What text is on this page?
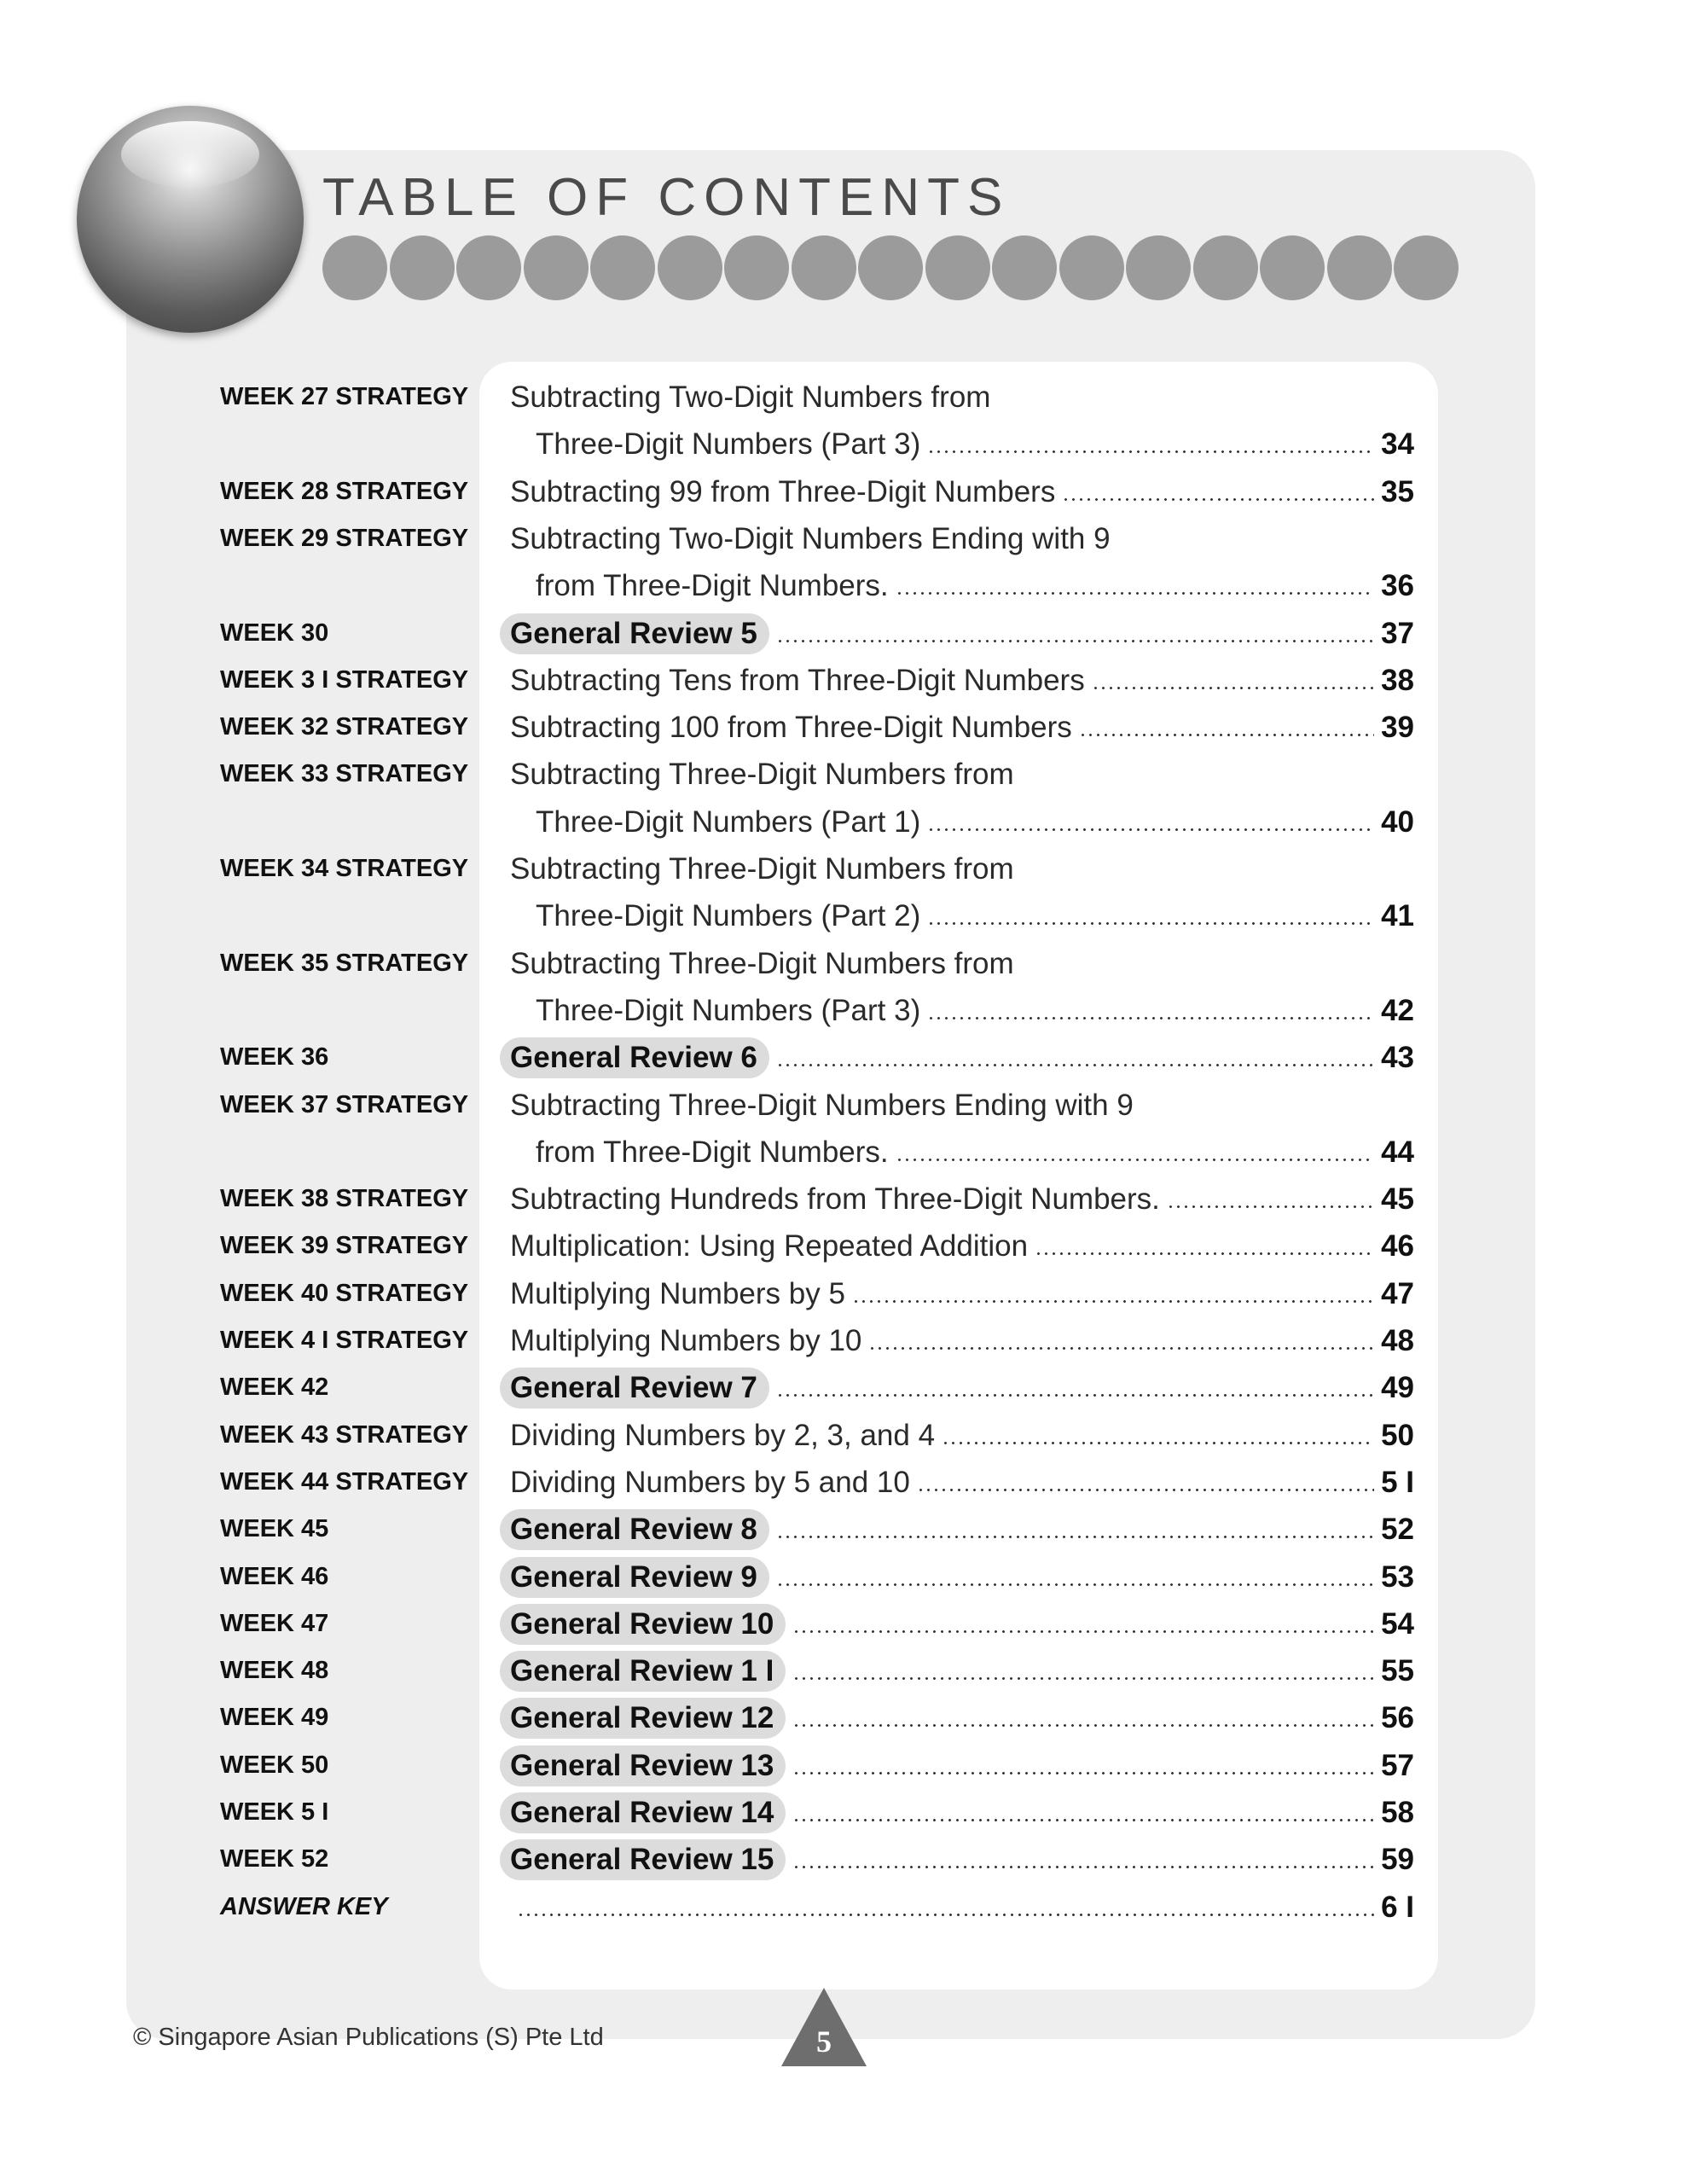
TABLE OF CONTENTS
WEEK 27 STRATEGY Subtracting Two-Digit Numbers from
Three-Digit Numbers (Part 3)	34
WEEK 28 STRATEGY Subtracting 99 from Three-Digit Numbers	35
WEEK 29 STRATEGY Subtracting Two-Digit Numbers Ending with 9
from Three-Digit Numbers.	36
WEEK 30	General Review 5	37
WEEK 3 I STRATEGY Subtracting Tens from Three-Digit Numbers	38
WEEK 32 STRATEGY Subtracting 100 from Three-Digit Numbers	39
WEEK 33 STRATEGY Subtracting Three-Digit Numbers from
Three-Digit Numbers (Part 1)	40
WEEK 34 STRATEGY Subtracting Three-Digit Numbers from
Three-Digit Numbers (Part 2)	41
WEEK 35 STRATEGY Subtracting Three-Digit Numbers from
Three-Digit Numbers (Part 3)	42
WEEK 36	General Review 6	43
WEEK 37 STRATEGY Subtracting Three-Digit Numbers Ending with 9
from Three-Digit Numbers.	44
WEEK 38 STRATEGY Subtracting Hundreds from Three-Digit Numbers.	45
WEEK 39 STRATEGY Multiplication: Using Repeated Addition	46
WEEK 40 STRATEGY Multiplying Numbers by 5	47
WEEK 4 I STRATEGY Multiplying Numbers by 10	48
WEEK 42	General Review 7	49
WEEK 43 STRATEGY Dividing Numbers by 2, 3, and 4	50
WEEK 44 STRATEGY Dividing Numbers by 5 and 10	5 I
WEEK 45	General Review 8	52
WEEK 46	General Review 9	53
WEEK 47	General Review 10	54
WEEK 48	General Review 1 I	55
WEEK 49	General Review 12	56
WEEK 50	General Review 13	57
WEEK 5 I	General Review 14	58
WEEK 52	General Review 15	59
ANSWER KEY	6 I
© Singapore Asian Publications (S) Pte Ltd	5
